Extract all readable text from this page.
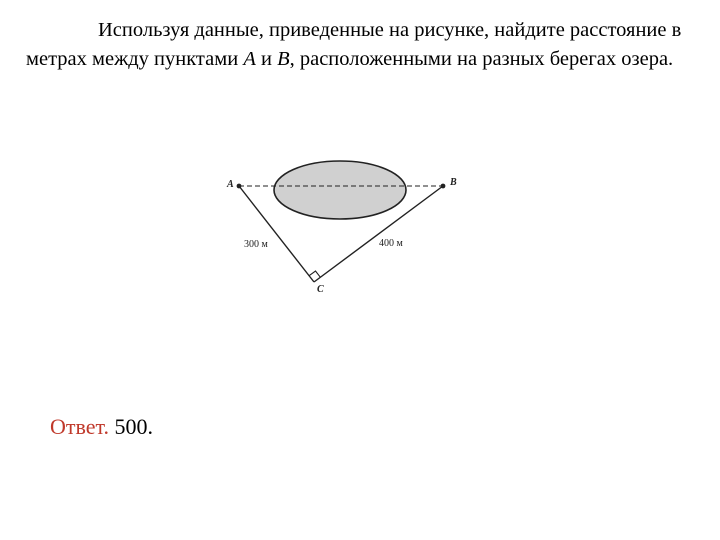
Используя данные, приведенные на рисунке, найдите расстояние в метрах между пунктами A и B, расположенными на разных берегах озера.

A	B
C
300 м	400 м

Ответ. 500.
